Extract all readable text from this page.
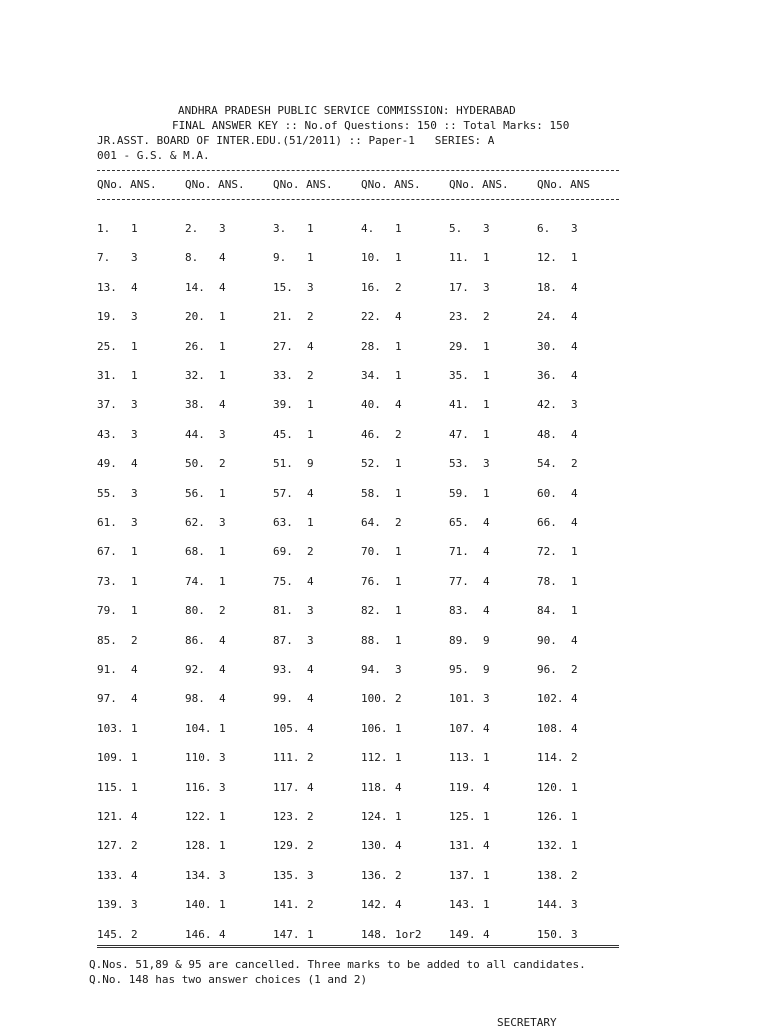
ANDHRA PRADESH PUBLIC SERVICE COMMISSION: HYDERABAD
FINAL ANSWER KEY :: No.of Questions: 150 :: Total Marks: 150
JR.ASST. BOARD OF INTER.EDU.(51/2011) :: Paper-1   SERIES: A
001 - G.S. & M.A.
QNo. ANS.	QNo. ANS.	QNo. ANS.	QNo. ANS.	QNo. ANS.	QNo. ANS
1. 1	2. 3	3. 1	4. 1	5. 3	6. 3
7. 3	8. 4	9. 1	10. 1	11. 1	12. 1
13. 4	14. 4	15. 3	16. 2	17. 3	18. 4
19. 3	20. 1	21. 2	22. 4	23. 2	24. 4
25. 1	26. 1	27. 4	28. 1	29. 1	30. 4
31. 1	32. 1	33. 2	34. 1	35. 1	36. 4
37. 3	38. 4	39. 1	40. 4	41. 1	42. 3
43. 3	44. 3	45. 1	46. 2	47. 1	48. 4
49. 4	50. 2	51. 9	52. 1	53. 3	54. 2
55. 3	56. 1	57. 4	58. 1	59. 1	60. 4
61. 3	62. 3	63. 1	64. 2	65. 4	66. 4
67. 1	68. 1	69. 2	70. 1	71. 4	72. 1
73. 1	74. 1	75. 4	76. 1	77. 4	78. 1
79. 1	80. 2	81. 3	82. 1	83. 4	84. 1
85. 2	86. 4	87. 3	88. 1	89. 9	90. 4
91. 4	92. 4	93. 4	94. 3	95. 9	96. 2
97. 4	98. 4	99. 4	100. 2	101. 3	102. 4
103. 1	104. 1	105. 4	106. 1	107. 4	108. 4
109. 1	110. 3	111. 2	112. 1	113. 1	114. 2
115. 1	116. 3	117. 4	118. 4	119. 4	120. 1
121. 4	122. 1	123. 2	124. 1	125. 1	126. 1
127. 2	128. 1	129. 2	130. 4	131. 4	132. 1
133. 4	134. 3	135. 3	136. 2	137. 1	138. 2
139. 3	140. 1	141. 2	142. 4	143. 1	144. 3
145. 2	146. 4	147. 1	148. 1or2	149. 4	150. 3
Q.Nos. 51,89 & 95 are cancelled. Three marks to be added to all candidates.
Q.No. 148 has two answer choices (1 and 2)
SECRETARY
